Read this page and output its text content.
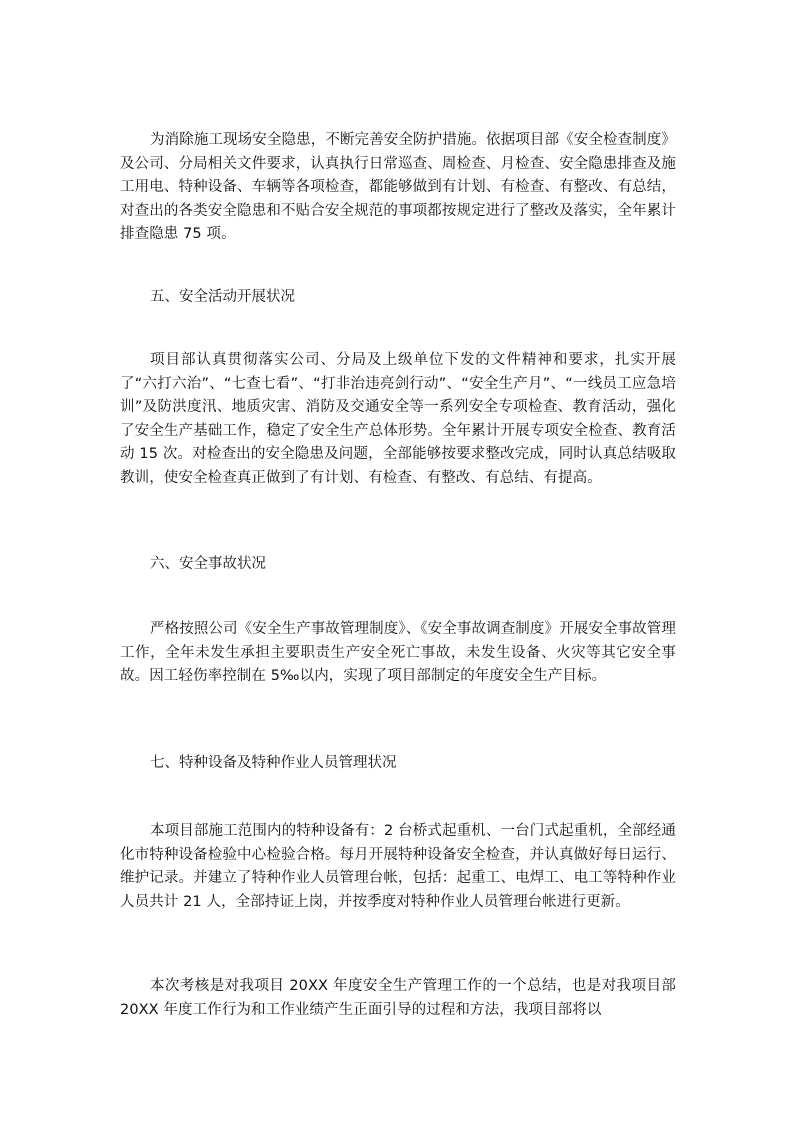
为消除施工现场安全隐患，不断完善安全防护措施。依据项目部《安全检查制度》及公司、分局相关文件要求，认真执行日常巡查、周检查、月检查、安全隐患排查及施工用电、特种设备、车辆等各项检查，都能够做到有计划、有检查、有整改、有总结，对查出的各类安全隐患和不贴合安全规范的事项都按规定进行了整改及落实，全年累计排查隐患 75 项。

五、安全活动开展状况

项目部认真贯彻落实公司、分局及上级单位下发的文件精神和要求，扎实开展了“六打六治”、“七查七看”、“打非治违亮剑行动”、“安全生产月”、“一线员工应急培训”及防洪度汛、地质灾害、消防及交通安全等一系列安全专项检查、教育活动，强化了安全生产基础工作，稳定了安全生产总体形势。全年累计开展专项安全检查、教育活动 15 次。对检查出的安全隐患及问题，全部能够按要求整改完成，同时认真总结吸取教训，使安全检查真正做到了有计划、有检查、有整改、有总结、有提高。

六、安全事故状况

严格按照公司《安全生产事故管理制度》、《安全事故调查制度》开展安全事故管理工作，全年未发生承担主要职责生产安全死亡事故，未发生设备、火灾等其它安全事故。因工轻伤率控制在 5‰以内，实现了项目部制定的年度安全生产目标。

七、特种设备及特种作业人员管理状况

本项目部施工范围内的特种设备有：2 台桥式起重机、一台门式起重机，全部经通化市特种设备检验中心检验合格。每月开展特种设备安全检查，并认真做好每日运行、维护记录。并建立了特种作业人员管理台帐，包括：起重工、电焊工、电工等特种作业人员共计 21 人，全部持证上岗，并按季度对特种作业人员管理台帐进行更新。

本次考核是对我项目 20XX 年度安全生产管理工作的一个总结，也是对我项目部 20XX 年度工作行为和工作业绩产生正面引导的过程和方法，我项目部将以
